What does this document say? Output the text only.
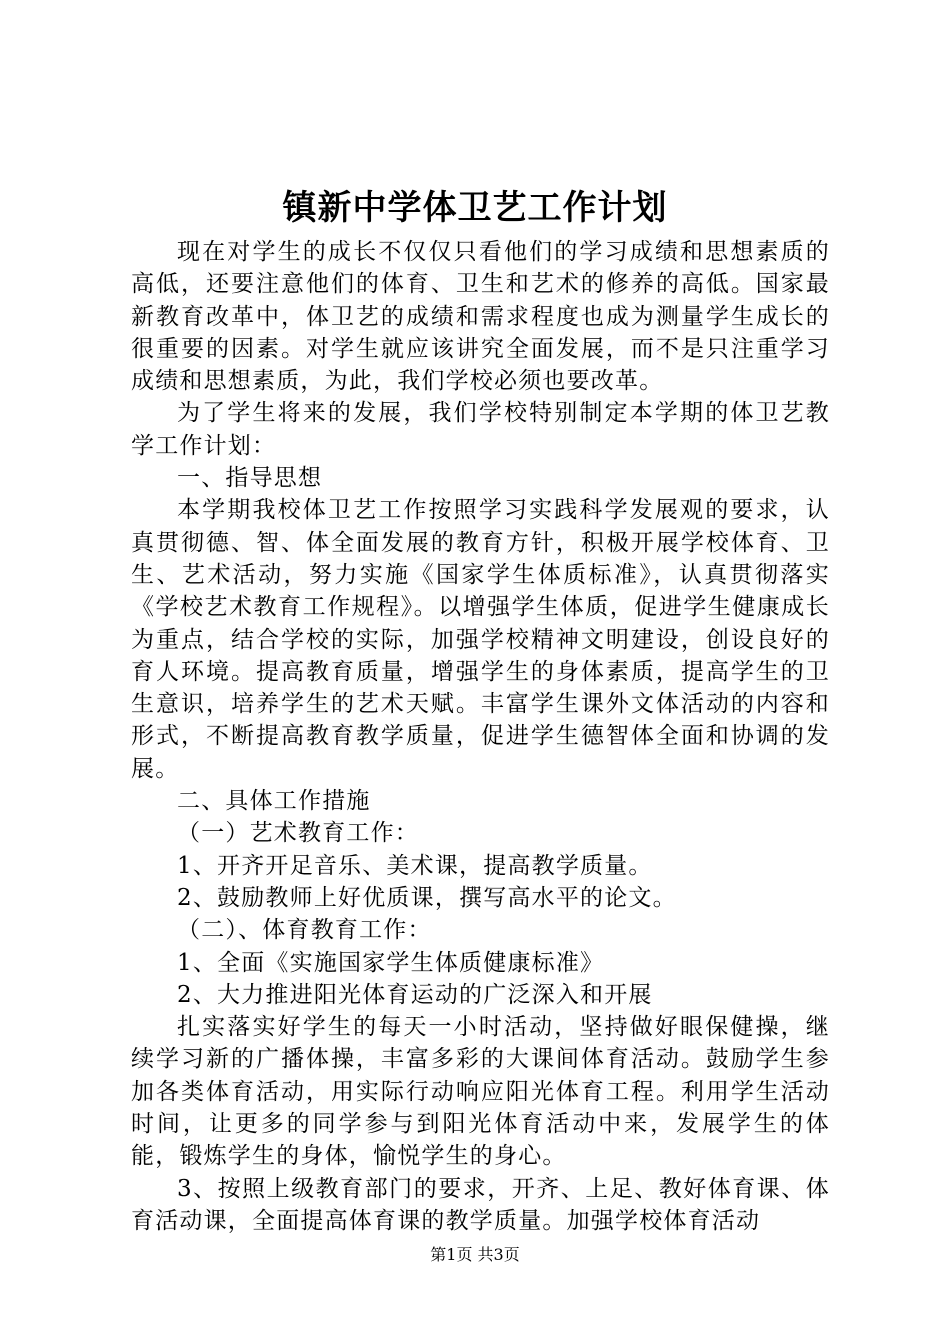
镇新中学体卫艺工作计划

现在对学生的成长不仅仅只看他们的学习成绩和思想素质的高低，还要注意他们的体育、卫生和艺术的修养的高低。国家最新教育改革中，体卫艺的成绩和需求程度也成为测量学生成长的很重要的因素。对学生就应该讲究全面发展，而不是只注重学习成绩和思想素质，为此，我们学校必须也要改革。

为了学生将来的发展，我们学校特别制定本学期的体卫艺教学工作计划：

一、指导思想

本学期我校体卫艺工作按照学习实践科学发展观的要求，认真贯彻德、智、体全面发展的教育方针，积极开展学校体育、卫生、艺术活动，努力实施《国家学生体质标准》，认真贯彻落实《学校艺术教育工作规程》。以增强学生体质，促进学生健康成长为重点，结合学校的实际，加强学校精神文明建设，创设良好的育人环境。提高教育质量，增强学生的身体素质，提高学生的卫生意识，培养学生的艺术天赋。丰富学生课外文体活动的内容和形式，不断提高教育教学质量，促进学生德智体全面和协调的发展。

二、具体工作措施

（一）艺术教育工作：

1、开齐开足音乐、美术课，提高教学质量。

2、鼓励教师上好优质课，撰写高水平的论文。

（二）、体育教育工作：

1、全面《实施国家学生体质健康标准》

2、大力推进阳光体育运动的广泛深入和开展

扎实落实好学生的每天一小时活动，坚持做好眼保健操，继续学习新的广播体操，丰富多彩的大课间体育活动。鼓励学生参加各类体育活动，用实际行动响应阳光体育工程。利用学生活动时间，让更多的同学参与到阳光体育活动中来，发展学生的体能，锻炼学生的身体，愉悦学生的身心。

3、按照上级教育部门的要求，开齐、上足、教好体育课、体育活动课，全面提高体育课的教学质量。加强学校体育活动

第1页 共3页
